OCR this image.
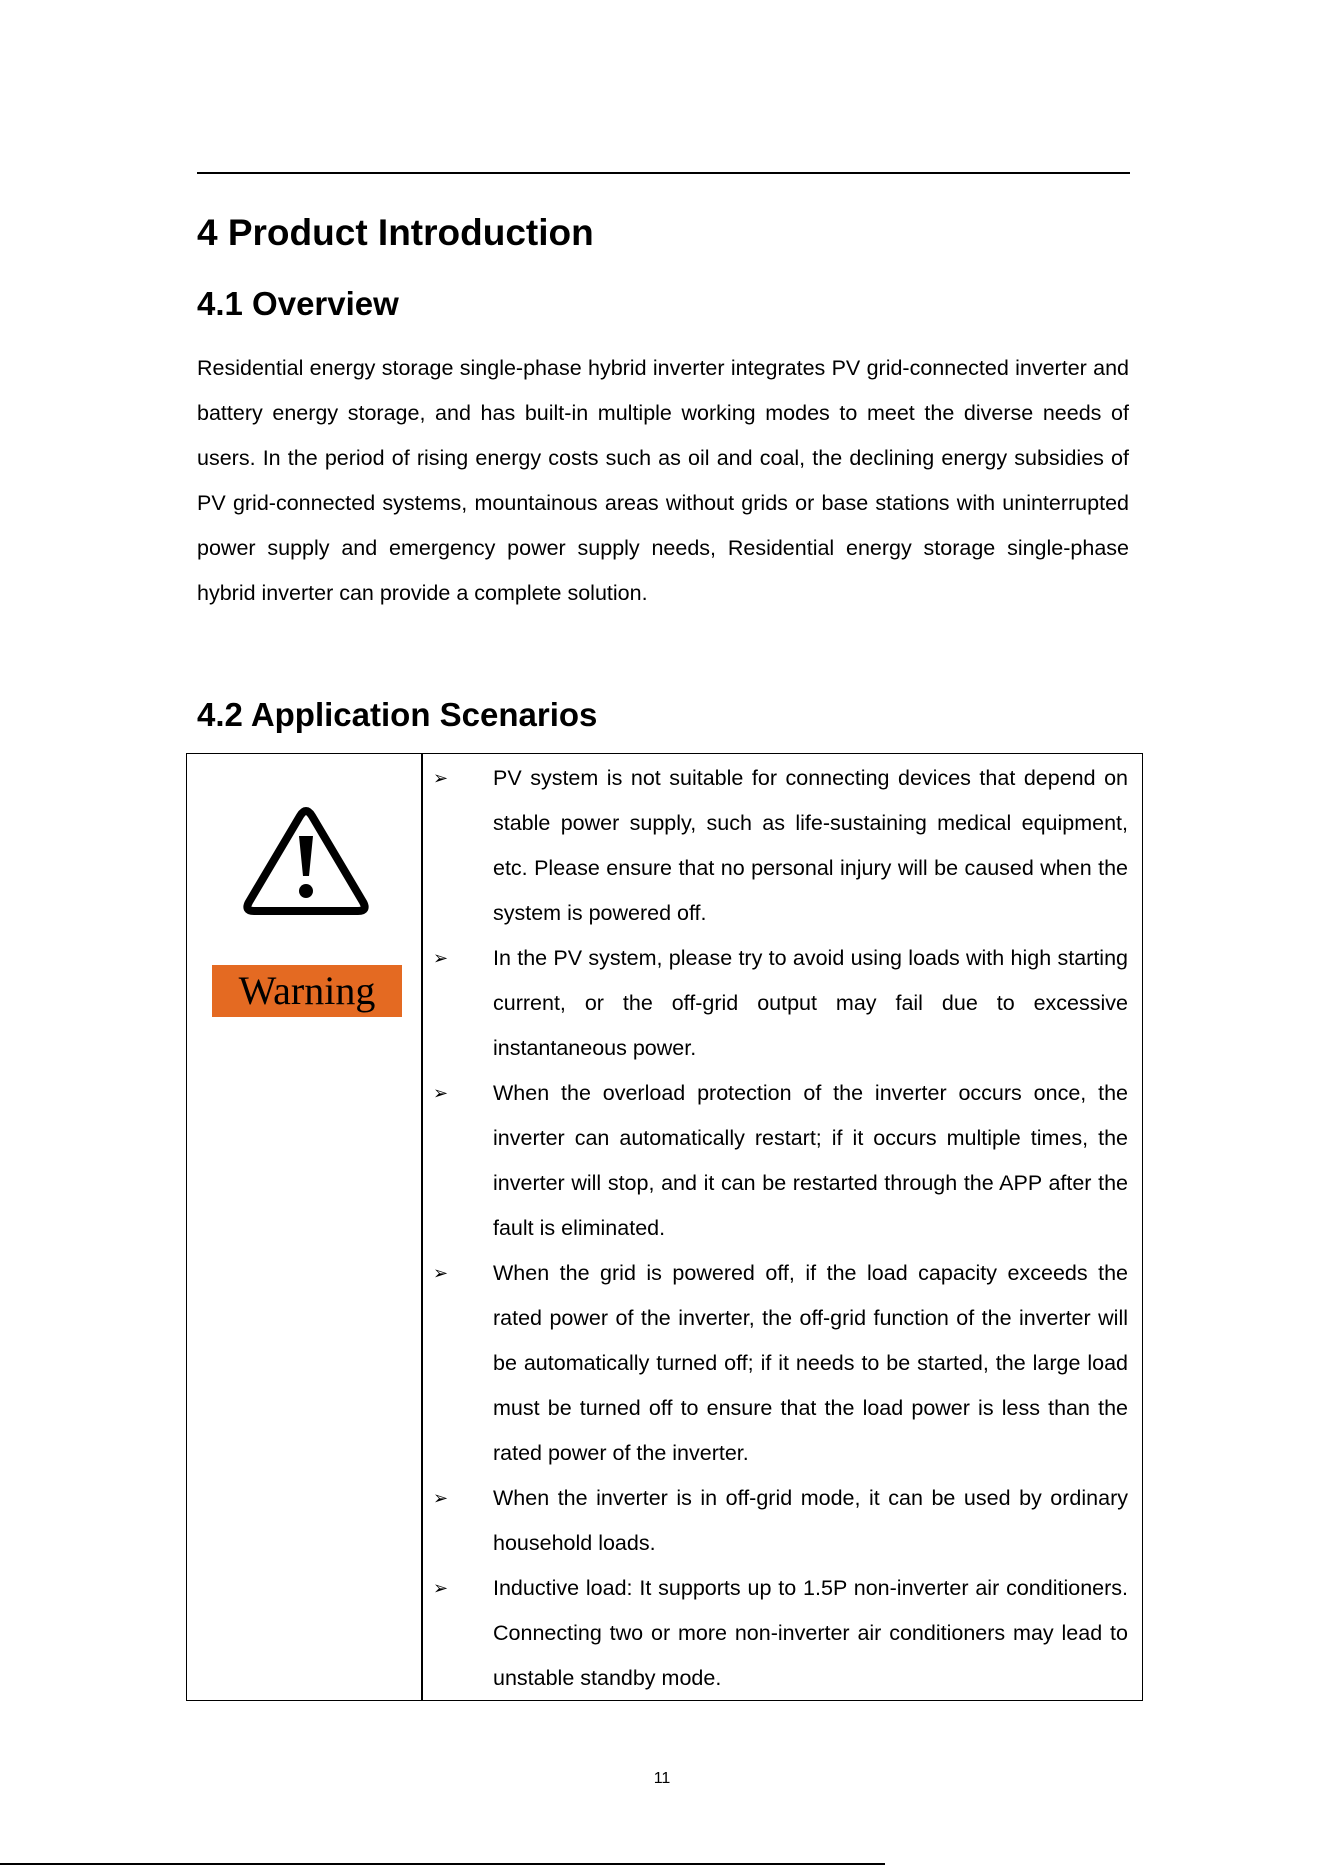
4 Product Introduction
4.1 Overview

Residential energy storage single-phase hybrid inverter integrates PV grid-connected inverter and battery energy storage, and has built-in multiple working modes to meet the diverse needs of users. In the period of rising energy costs such as oil and coal, the declining energy subsidies of PV grid-connected systems, mountainous areas without grids or base stations with uninterrupted power supply and emergency power supply needs, Residential energy storage single-phase hybrid inverter can provide a complete solution.

4.2 Application Scenarios
Warning
➢ PV system is not suitable for connecting devices that depend on stable power supply, such as life-sustaining medical equipment, etc. Please ensure that no personal injury will be caused when the system is powered off.
➢ In the PV system, please try to avoid using loads with high starting current, or the off-grid output may fail due to excessive instantaneous power.
➢ When the overload protection of the inverter occurs once, the inverter can automatically restart; if it occurs multiple times, the inverter will stop, and it can be restarted through the APP after the fault is eliminated.
➢ When the grid is powered off, if the load capacity exceeds the rated power of the inverter, the off-grid function of the inverter will be automatically turned off; if it needs to be started, the large load must be turned off to ensure that the load power is less than the rated power of the inverter.
➢ When the inverter is in off-grid mode, it can be used by ordinary household loads.
➢ Inductive load: It supports up to 1.5P non-inverter air conditioners. Connecting two or more non-inverter air conditioners may lead to unstable standby mode.
11
